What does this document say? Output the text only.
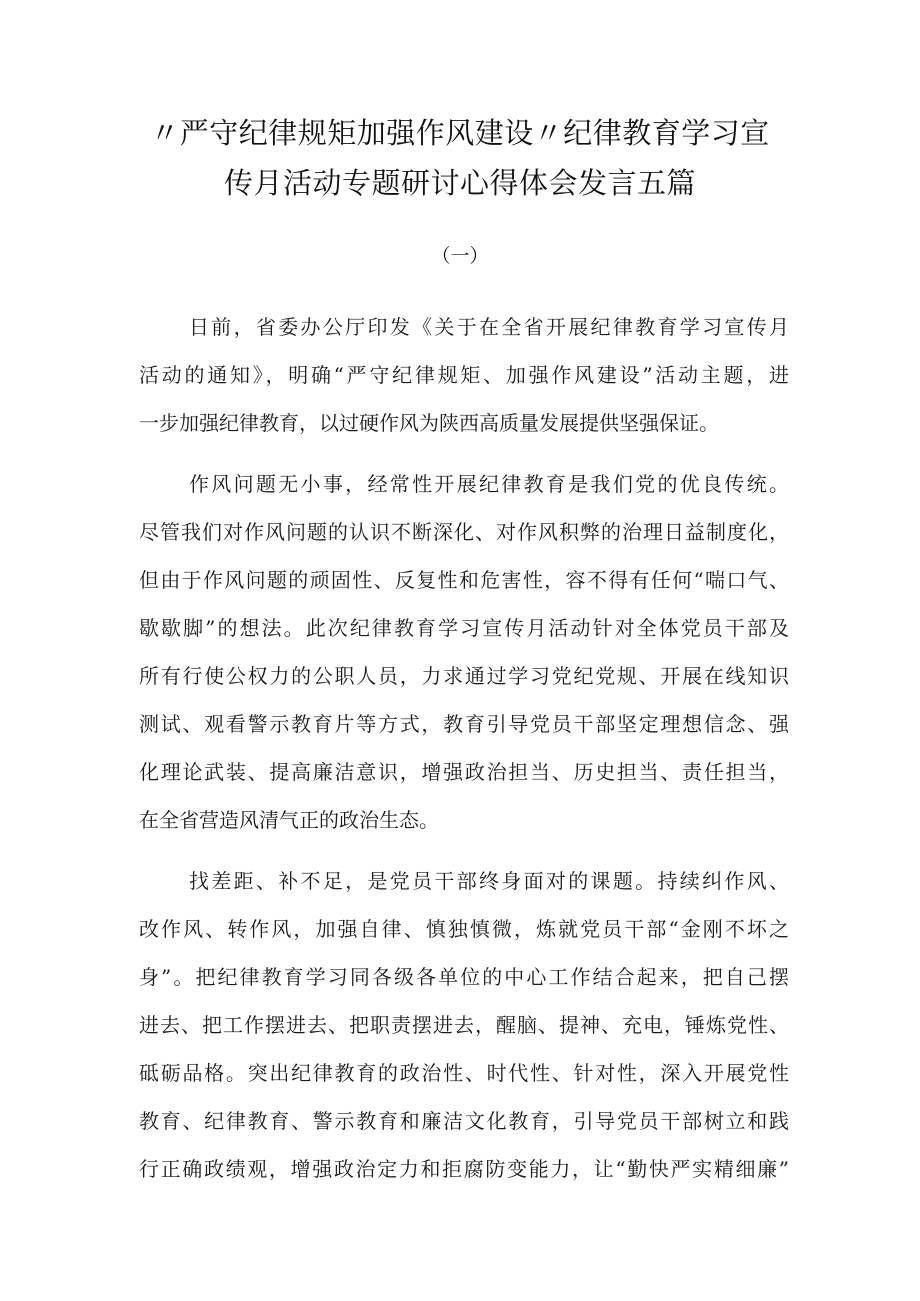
〃严守纪律规矩加强作风建设〃纪律教育学习宣
传月活动专题研讨心得体会发言五篇
（一）

日前，省委办公厅印发《关于在全省开展纪律教育学习宣传月
活动的通知》，明确“严守纪律规矩、加强作风建设”活动主题，进
一步加强纪律教育，以过硬作风为陕西高质量发展提供坚强保证。

作风问题无小事，经常性开展纪律教育是我们党的优良传统。
尽管我们对作风问题的认识不断深化、对作风积弊的治理日益制度化，
但由于作风问题的顽固性、反复性和危害性，容不得有任何“喘口气、
歇歇脚”的想法。此次纪律教育学习宣传月活动针对全体党员干部及
所有行使公权力的公职人员，力求通过学习党纪党规、开展在线知识
测试、观看警示教育片等方式，教育引导党员干部坚定理想信念、强
化理论武装、提高廉洁意识，增强政治担当、历史担当、责任担当，
在全省营造风清气正的政治生态。

找差距、补不足，是党员干部终身面对的课题。持续纠作风、
改作风、转作风，加强自律、慎独慎微，炼就党员干部“金刚不坏之
身”。把纪律教育学习同各级各单位的中心工作结合起来，把自己摆
进去、把工作摆进去、把职责摆进去，醒脑、提神、充电，锤炼党性、
砥砺品格。突出纪律教育的政治性、时代性、针对性，深入开展党性
教育、纪律教育、警示教育和廉洁文化教育，引导党员干部树立和践
行正确政绩观，增强政治定力和拒腐防变能力，让“勤快严实精细廉”
